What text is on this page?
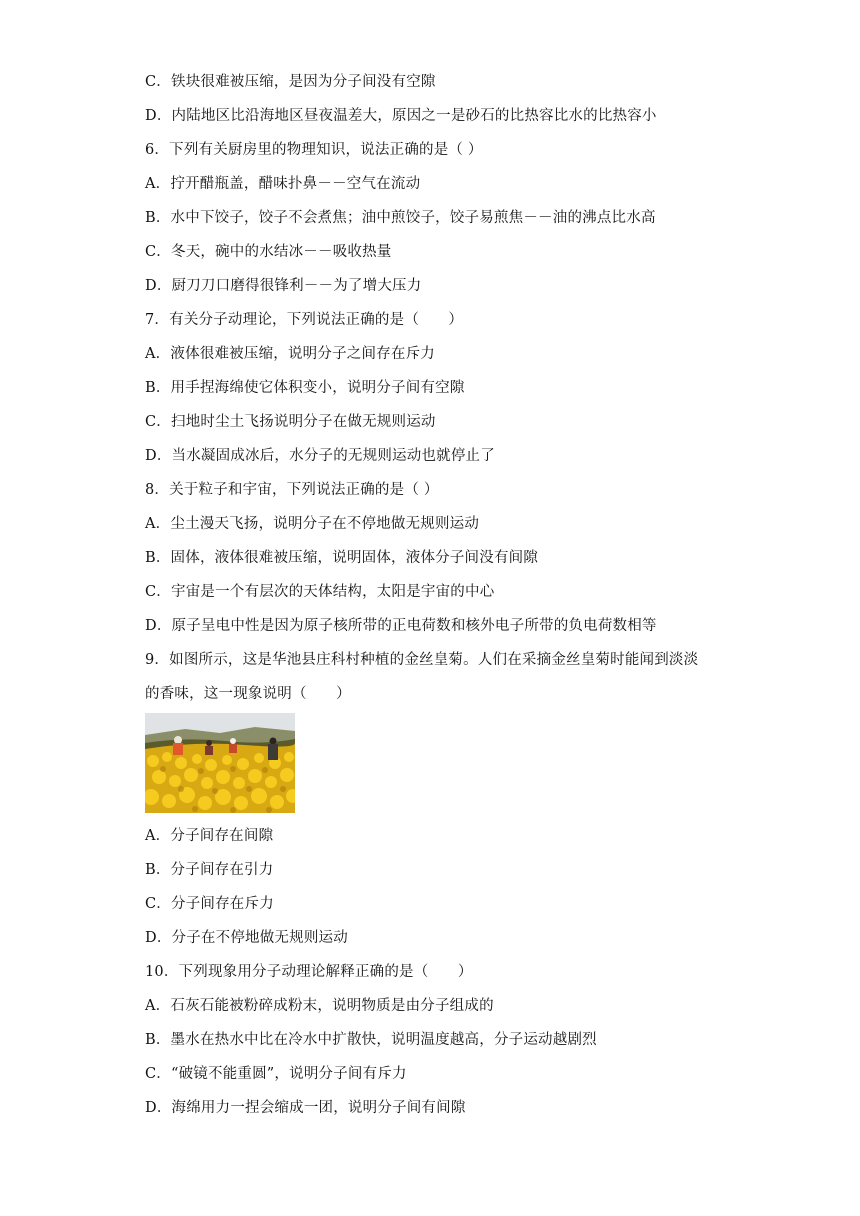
C．铁块很难被压缩，是因为分子间没有空隙
D．内陆地区比沿海地区昼夜温差大，原因之一是砂石的比热容比水的比热容小
6．下列有关厨房里的物理知识，说法正确的是（ ）
A．拧开醋瓶盖，醋味扑鼻－－空气在流动
B．水中下饺子，饺子不会煮焦；油中煎饺子，饺子易煎焦－－油的沸点比水高
C．冬天，碗中的水结冰－－吸收热量
D．厨刀刀口磨得很锋利－－为了增大压力
7．有关分子动理论，下列说法正确的是（　　）
A．液体很难被压缩，说明分子之间存在斥力
B．用手捏海绵使它体积变小，说明分子间有空隙
C．扫地时尘土飞扬说明分子在做无规则运动
D．当水凝固成冰后，水分子的无规则运动也就停止了
8．关于粒子和宇宙，下列说法正确的是（ ）
A．尘土漫天飞扬，说明分子在不停地做无规则运动
B．固体，液体很难被压缩，说明固体，液体分子间没有间隙
C．宇宙是一个有层次的天体结构，太阳是宇宙的中心
D．原子呈电中性是因为原子核所带的正电荷数和核外电子所带的负电荷数相等
9．如图所示，这是华池县庄科村种植的金丝皇菊。人们在采摘金丝皇菊时能闻到淡淡
的香味，这一现象说明（　　）
A．分子间存在间隙
B．分子间存在引力
C．分子间存在斥力
D．分子在不停地做无规则运动
10．下列现象用分子动理论解释正确的是（　　）
A．石灰石能被粉碎成粉末，说明物质是由分子组成的
B．墨水在热水中比在冷水中扩散快，说明温度越高，分子运动越剧烈
C．“破镜不能重圆”，说明分子间有斥力
D．海绵用力一捏会缩成一团，说明分子间有间隙
